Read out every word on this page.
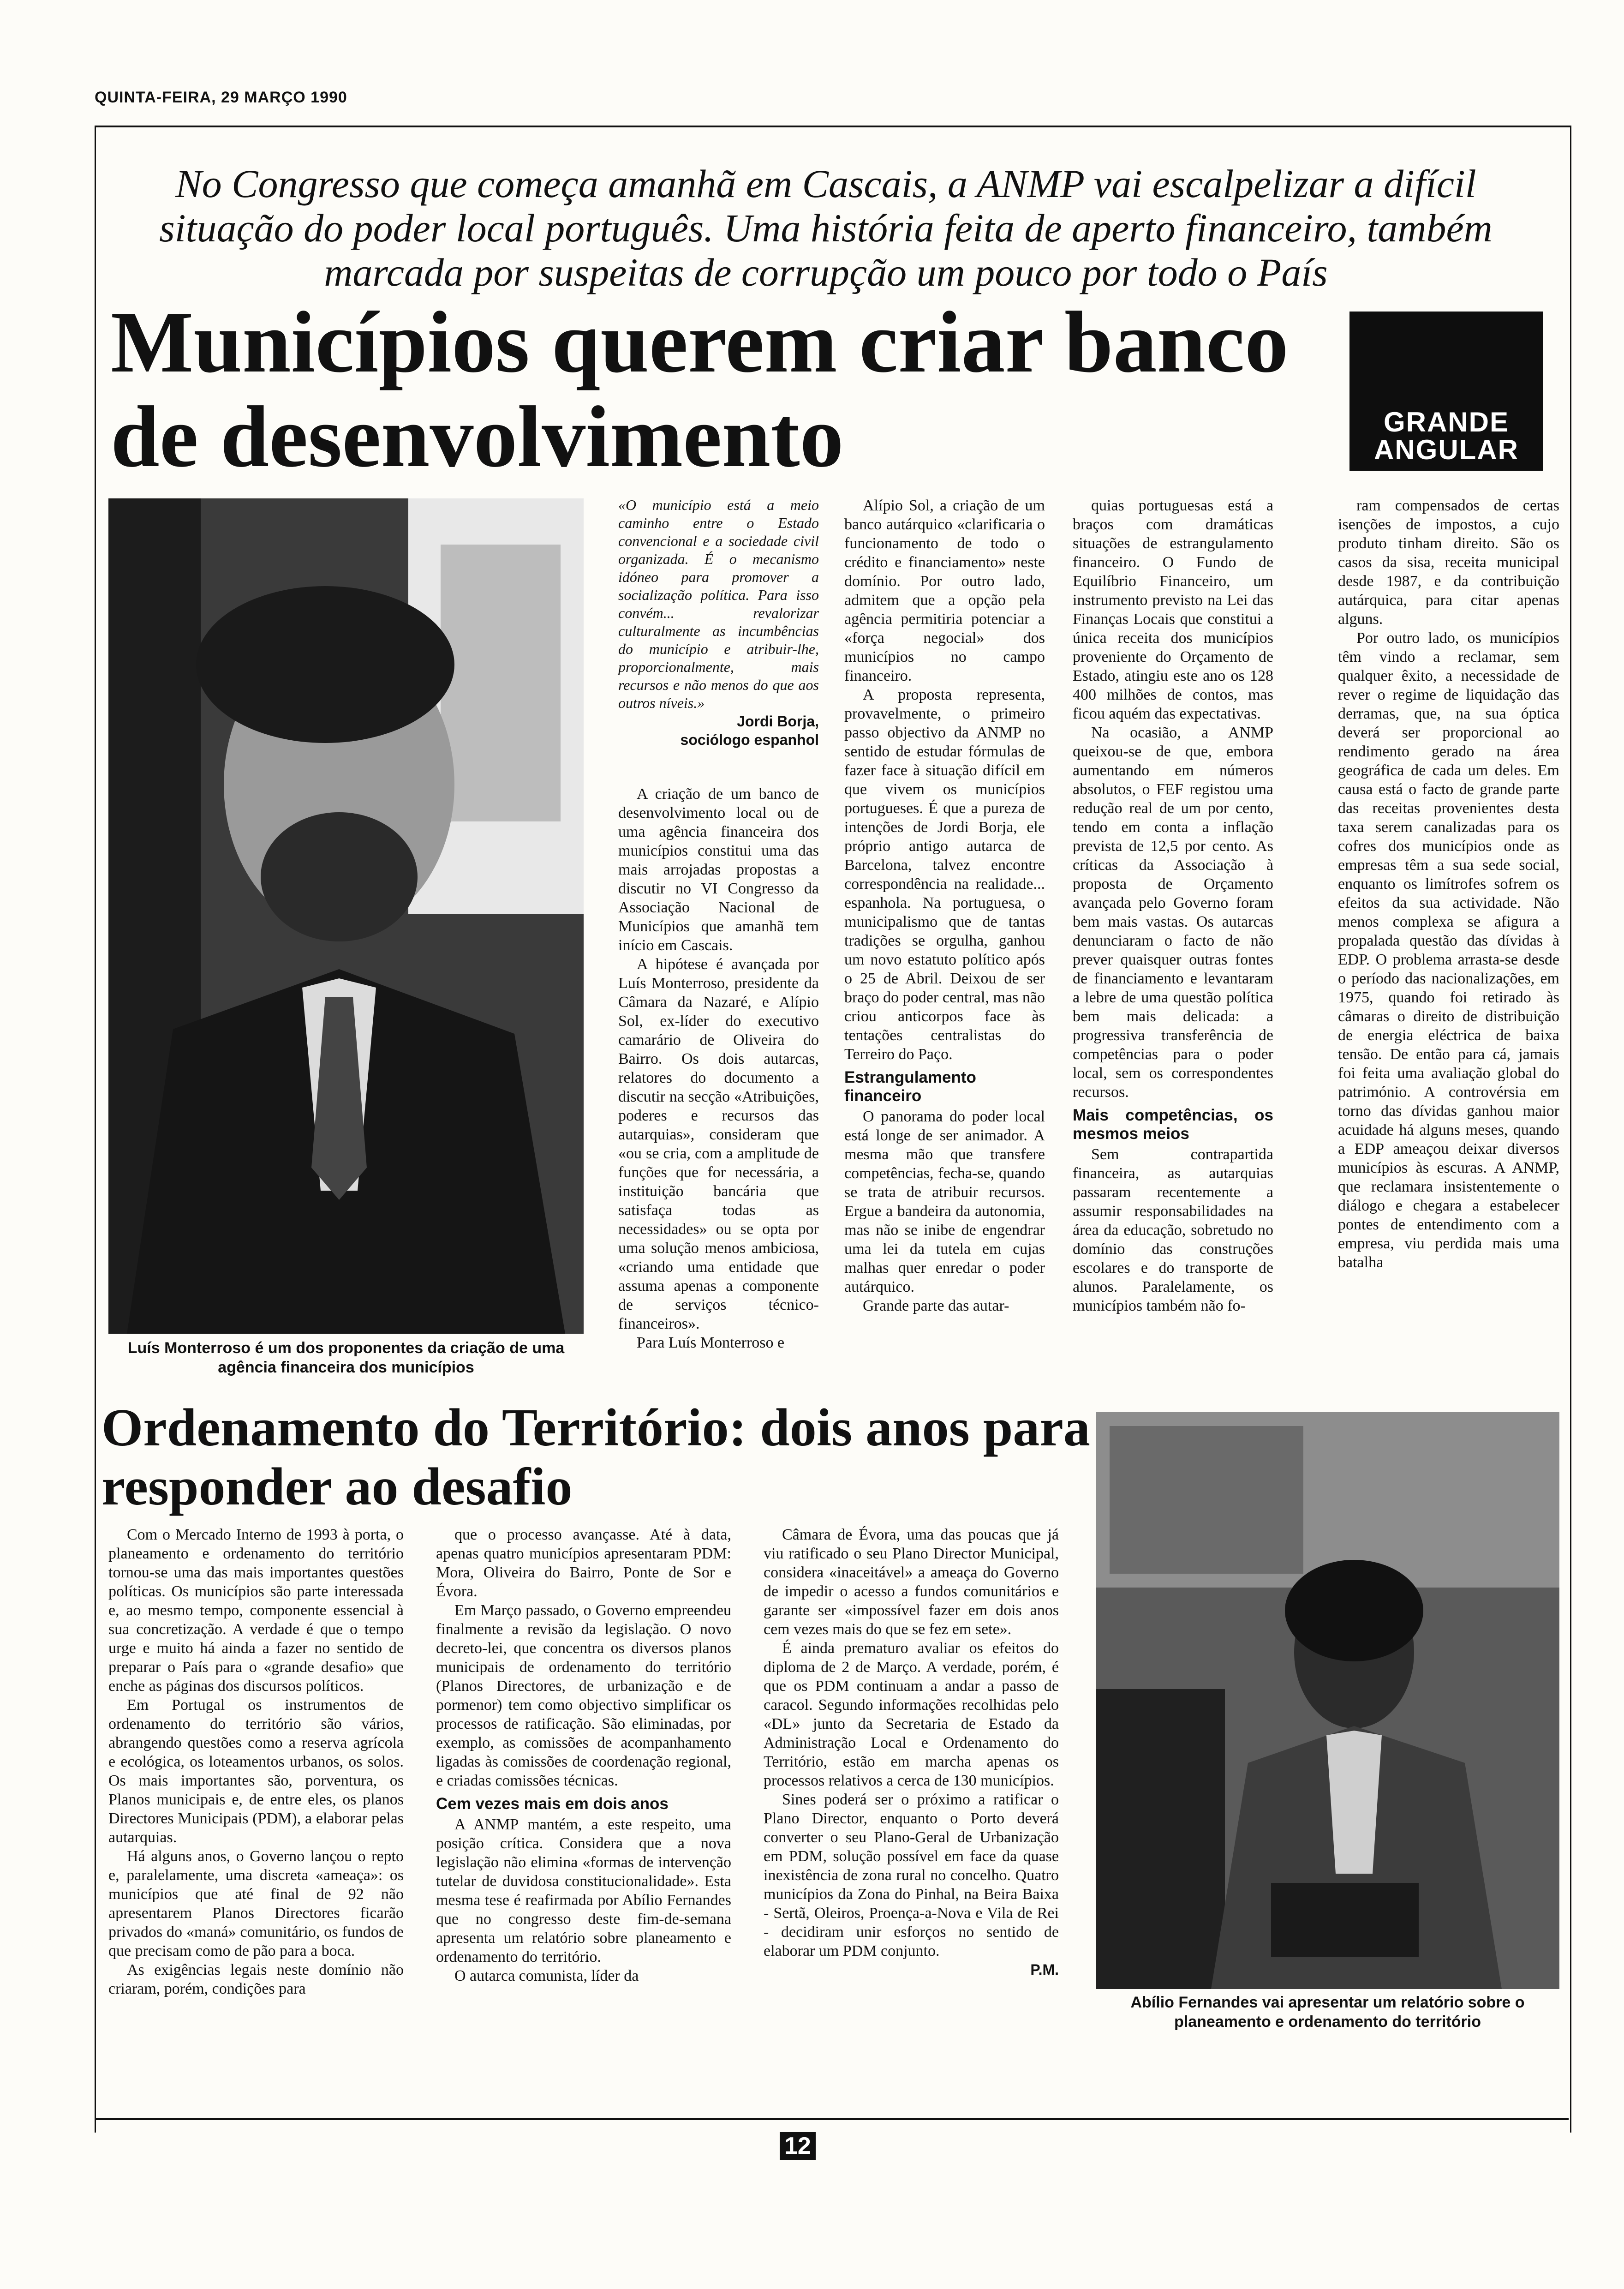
QUINTA-FEIRA, 29 MARÇO 1990
No Congresso que começa amanhã em Cascais, a ANMP vai escalpelizar a difícil situação do poder local português. Uma história feita de aperto financeiro, também marcada por suspeitas de corrupção um pouco por todo o País
Municípios querem criar banco de desenvolvimento	GRANDE
ANGULAR
Luís Monterroso é um dos proponentes da criação de uma agência financeira dos municípios
«O município está a meio caminho entre o Estado convencional e a sociedade civil organizada. É o mecanismo idóneo para promover a socialização política. Para isso convém... revalorizar culturalmente as incumbências do município e atribuir-lhe, proporcionalmente, mais recursos e não menos do que aos outros níveis.»
Jordi Borja,
sociólogo espanhol

A criação de um banco de desenvolvimento local ou de uma agência financeira dos municípios constitui uma das mais arrojadas propostas a discutir no VI Congresso da Associação Nacional de Municípios que amanhã tem início em Cascais.

A hipótese é avançada por Luís Monterroso, presidente da Câmara da Nazaré, e Alípio Sol, ex-líder do executivo camarário de Oliveira do Bairro. Os dois autarcas, relatores do documento a discutir na secção «Atribuições, poderes e recursos das autarquias», consideram que «ou se cria, com a amplitude de funções que for necessária, a instituição bancária que satisfaça todas as necessidades» ou se opta por uma solução menos ambiciosa, «criando uma entidade que assuma apenas a componente de serviços técnico-financeiros».

Para Luís Monterroso e

Alípio Sol, a criação de um banco autárquico «clarificaria o funcionamento de todo o crédito e financiamento» neste domínio. Por outro lado, admitem que a opção pela agência permitiria potenciar a «força negocial» dos municípios no campo financeiro.

A proposta representa, provavelmente, o primeiro passo objectivo da ANMP no sentido de estudar fórmulas de fazer face à situação difícil em que vivem os municípios portugueses. É que a pureza de intenções de Jordi Borja, ele próprio antigo autarca de Barcelona, talvez encontre correspondência na realidade... espanhola. Na portuguesa, o municipalismo que de tantas tradições se orgulha, ganhou um novo estatuto político após o 25 de Abril. Deixou de ser braço do poder central, mas não criou anticorpos face às tentações centralistas do Terreiro do Paço.

Estrangulamento financeiro

O panorama do poder local está longe de ser animador. A mesma mão que transfere competências, fecha-se, quando se trata de atribuir recursos. Ergue a bandeira da autonomia, mas não se inibe de engendrar uma lei da tutela em cujas malhas quer enredar o poder autárquico.

Grande parte das autar-

quias portuguesas está a braços com dramáticas situações de estrangulamento financeiro. O Fundo de Equilíbrio Financeiro, um instrumento previsto na Lei das Finanças Locais que constitui a única receita dos municípios proveniente do Orçamento de Estado, atingiu este ano os 128 400 milhões de contos, mas ficou aquém das expectativas.

Na ocasião, a ANMP queixou-se de que, embora aumentando em números absolutos, o FEF registou uma redução real de um por cento, tendo em conta a inflação prevista de 12,5 por cento. As críticas da Associação à proposta de Orçamento avançada pelo Governo foram bem mais vastas. Os autarcas denunciaram o facto de não prever quaisquer outras fontes de financiamento e levantaram a lebre de uma questão política bem mais delicada: a progressiva transferência de competências para o poder local, sem os correspondentes recursos.

Mais competências, os mesmos meios

Sem contrapartida financeira, as autarquias passaram recentemente a assumir responsabilidades na área da educação, sobretudo no domínio das construções escolares e do transporte de alunos. Paralelamente, os municípios também não fo-

ram compensados de certas isenções de impostos, a cujo produto tinham direito. São os casos da sisa, receita municipal desde 1987, e da contribuição autárquica, para citar apenas alguns.

Por outro lado, os municípios têm vindo a reclamar, sem qualquer êxito, a necessidade de rever o regime de liquidação das derramas, que, na sua óptica deverá ser proporcional ao rendimento gerado na área geográfica de cada um deles. Em causa está o facto de grande parte das receitas provenientes desta taxa serem canalizadas para os cofres dos municípios onde as empresas têm a sua sede social, enquanto os limítrofes sofrem os efeitos da sua actividade. Não menos complexa se afigura a propalada questão das dívidas à EDP. O problema arrasta-se desde o período das nacionalizações, em 1975, quando foi retirado às câmaras o direito de distribuição de energia eléctrica de baixa tensão. De então para cá, jamais foi feita uma avaliação global do património. A controvérsia em torno das dívidas ganhou maior acuidade há alguns meses, quando a EDP ameaçou deixar diversos municípios às escuras. A ANMP, que reclamara insistentemente o diálogo e chegara a estabelecer pontes de entendimento com a empresa, viu perdida mais uma batalha

Ordenamento do Território: dois anos para responder ao desafio

Com o Mercado Interno de 1993 à porta, o planeamento e ordenamento do território tornou-se uma das mais importantes questões políticas. Os municípios são parte interessada e, ao mesmo tempo, componente essencial à sua concretização. A verdade é que o tempo urge e muito há ainda a fazer no sentido de preparar o País para o «grande desafio» que enche as páginas dos discursos políticos.

Em Portugal os instrumentos de ordenamento do território são vários, abrangendo questões como a reserva agrícola e ecológica, os loteamentos urbanos, os solos. Os mais importantes são, porventura, os Planos municipais e, de entre eles, os planos Directores Municipais (PDM), a elaborar pelas autarquias.

Há alguns anos, o Governo lançou o repto e, paralelamente, uma discreta «ameaça»: os municípios que até final de 92 não apresentarem Planos Directores ficarão privados do «maná» comunitário, os fundos de que precisam como de pão para a boca.

As exigências legais neste domínio não criaram, porém, condições para

que o processo avançasse. Até à data, apenas quatro municípios apresentaram PDM: Mora, Oliveira do Bairro, Ponte de Sor e Évora.

Em Março passado, o Governo empreendeu finalmente a revisão da legislação. O novo decreto-lei, que concentra os diversos planos municipais de ordenamento do território (Planos Directores, de urbanização e de pormenor) tem como objectivo simplificar os processos de ratificação. São eliminadas, por exemplo, as comissões de acompanhamento ligadas às comissões de coordenação regional, e criadas comissões técnicas.

Cem vezes mais em dois anos

A ANMP mantém, a este respeito, uma posição crítica. Considera que a nova legislação não elimina «formas de intervenção tutelar de duvidosa constitucionalidade». Esta mesma tese é reafirmada por Abílio Fernandes que no congresso deste fim-de-semana apresenta um relatório sobre planeamento e ordenamento do território.

O autarca comunista, líder da

Câmara de Évora, uma das poucas que já viu ratificado o seu Plano Director Municipal, considera «inaceitável» a ameaça do Governo de impedir o acesso a fundos comunitários e garante ser «impossível fazer em dois anos cem vezes mais do que se fez em sete».

É ainda prematuro avaliar os efeitos do diploma de 2 de Março. A verdade, porém, é que os PDM continuam a andar a passo de caracol. Segundo informações recolhidas pelo «DL» junto da Secretaria de Estado da Administração Local e Ordenamento do Território, estão em marcha apenas os processos relativos a cerca de 130 municípios.

Sines poderá ser o próximo a ratificar o Plano Director, enquanto o Porto deverá converter o seu Plano-Geral de Urbanização em PDM, solução possível em face da quase inexistência de zona rural no concelho. Quatro municípios da Zona do Pinhal, na Beira Baixa - Sertã, Oleiros, Proença-a-Nova e Vila de Rei - decidiram unir esforços no sentido de elaborar um PDM conjunto.

P.M.
Abílio Fernandes vai apresentar um relatório sobre o planeamento e ordenamento do território
12
